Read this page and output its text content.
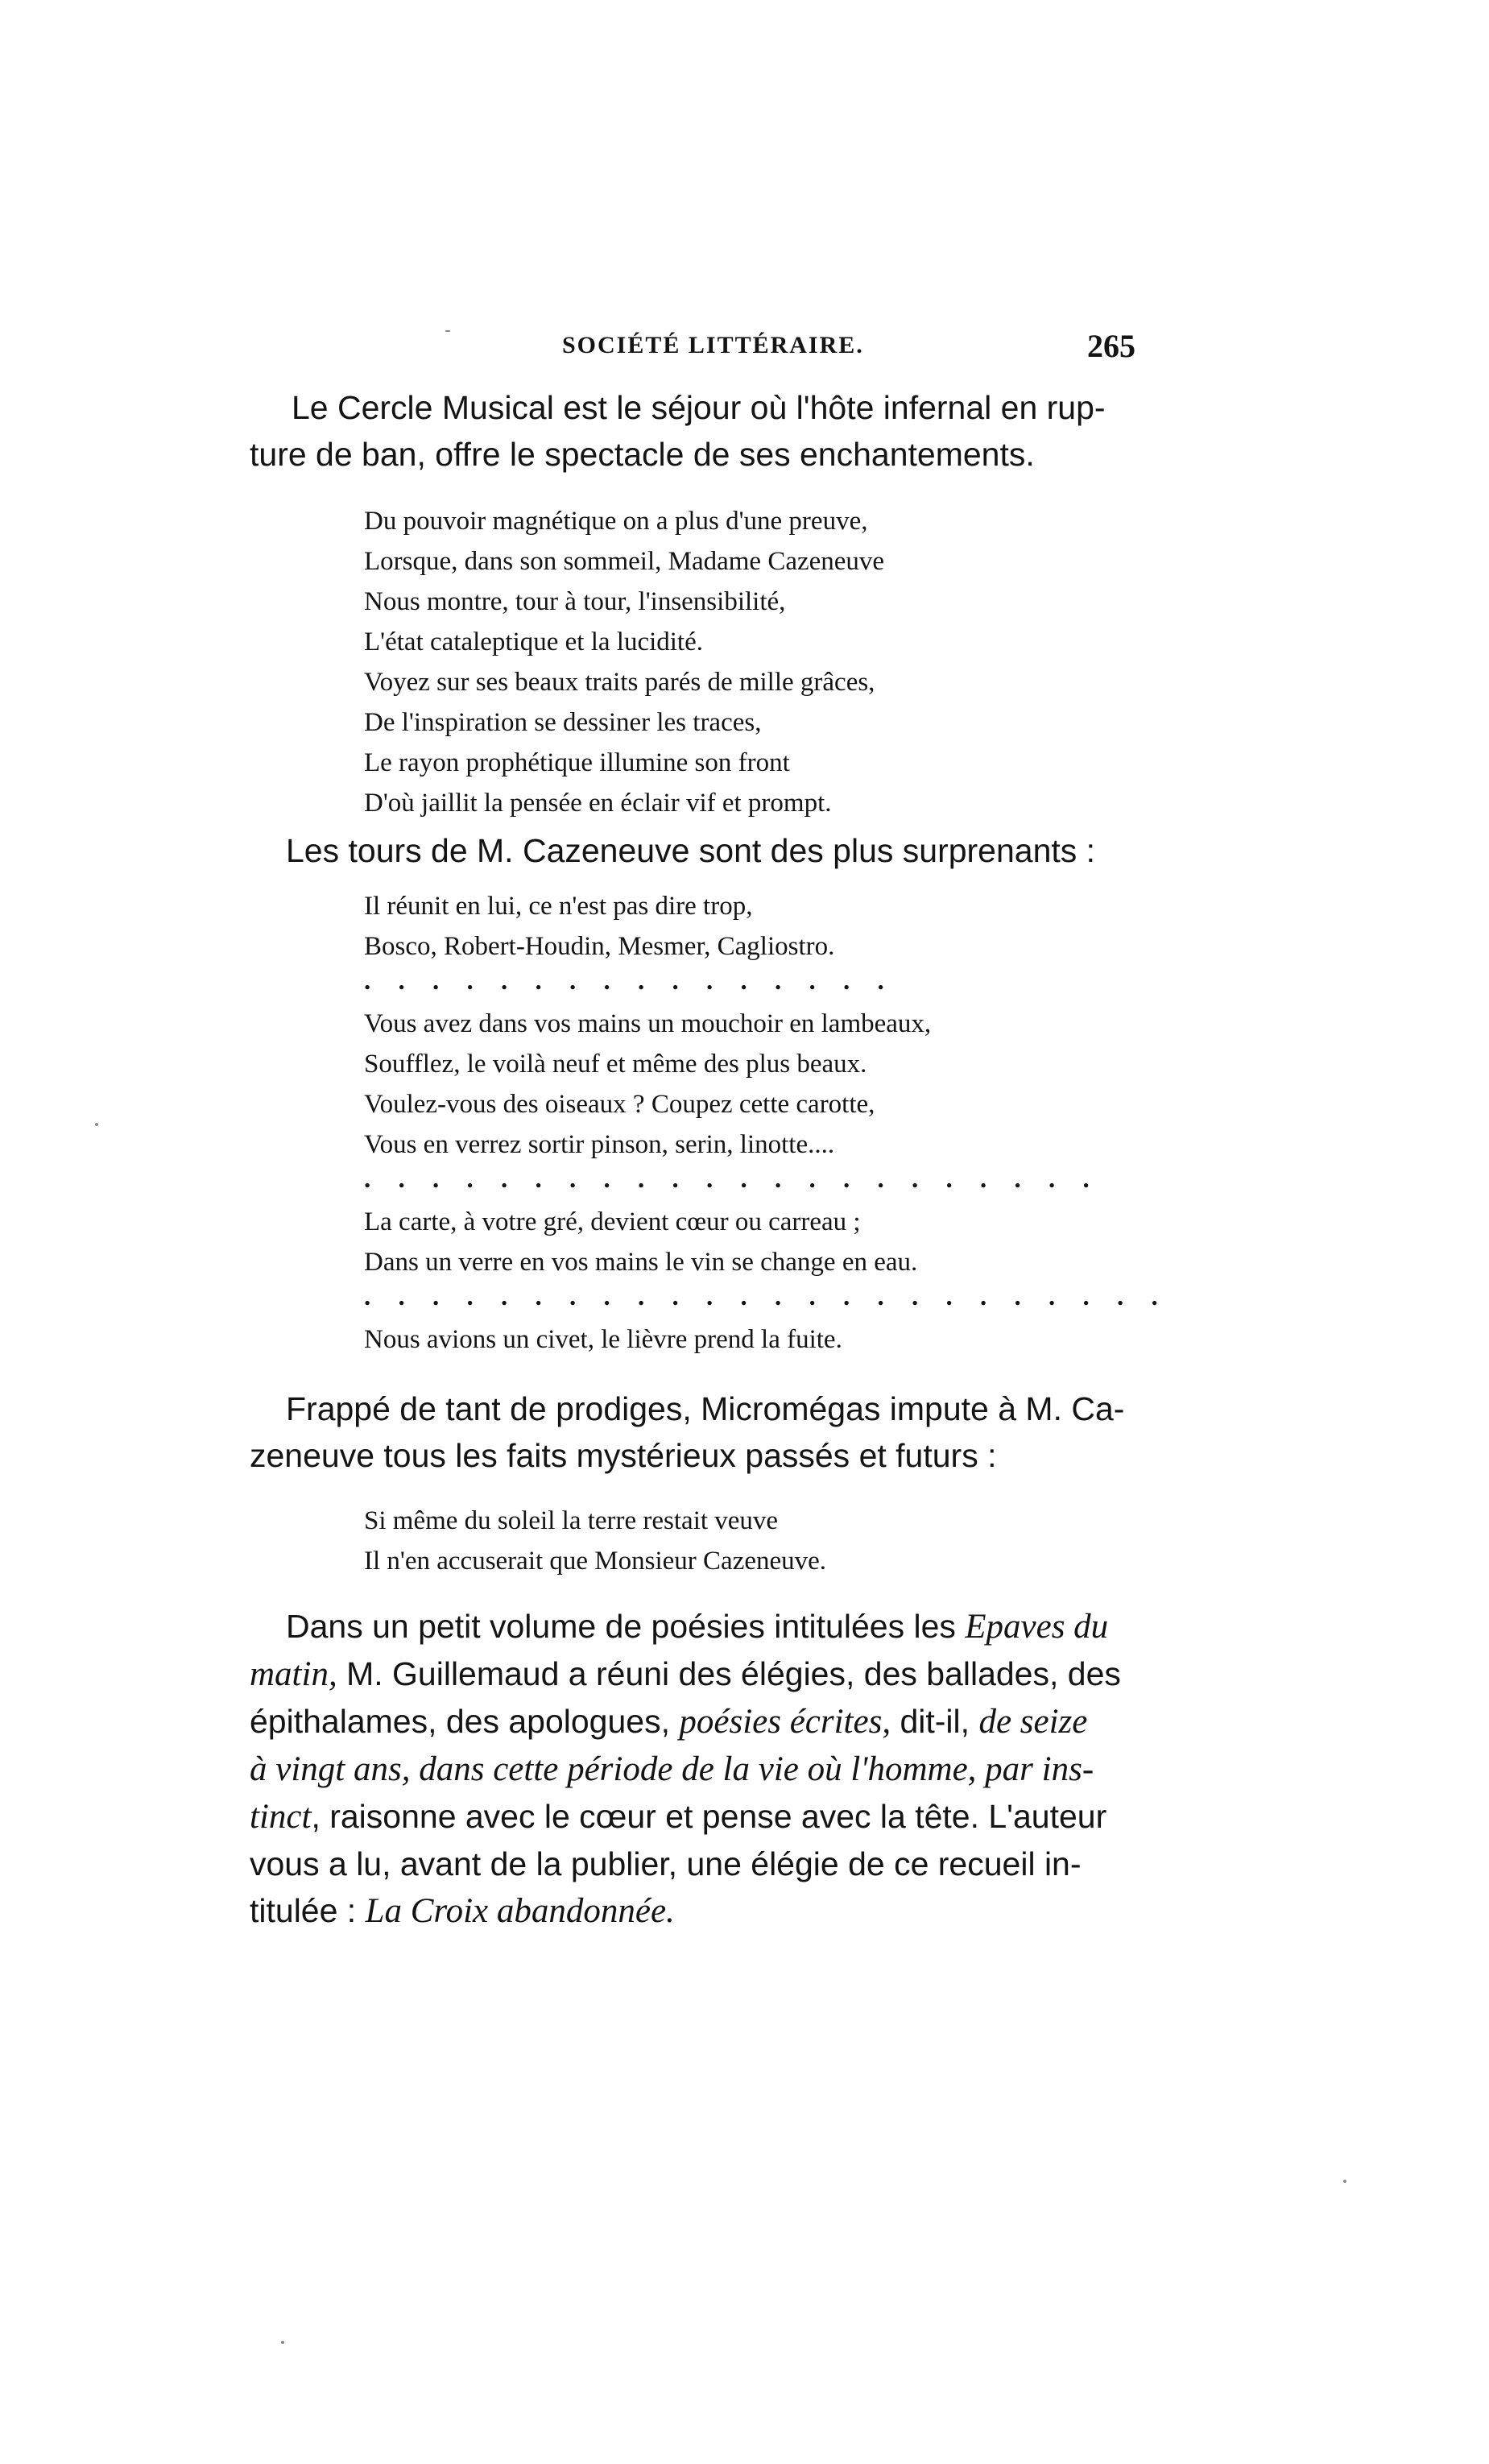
SOCIÉTÉ LITTÉRAIRE.	265
Le Cercle Musical est le séjour où l'hôte infernal en rup-
ture de ban, offre le spectacle de ses enchantements.
Du pouvoir magnétique on a plus d'une preuve,
Lorsque, dans son sommeil, Madame Cazeneuve
Nous montre, tour à tour, l'insensibilité,
L'état cataleptique et la lucidité.
Voyez sur ses beaux traits parés de mille grâces,
De l'inspiration se dessiner les traces,
Le rayon prophétique illumine son front
D'où jaillit la pensée en éclair vif et prompt.
Les tours de M. Cazeneuve sont des plus surprenants :
Il réunit en lui, ce n'est pas dire trop,
Bosco, Robert-Houdin, Mesmer, Cagliostro.
. . . . . . . . . . . . . . . .
Vous avez dans vos mains un mouchoir en lambeaux,
Soufflez, le voilà neuf et même des plus beaux.
Voulez-vous des oiseaux ? Coupez cette carotte,
Vous en verrez sortir pinson, serin, linotte....
. . . . . . . . . . . . . . . . . . . . . .
La carte, à votre gré, devient cœur ou carreau ;
Dans un verre en vos mains le vin se change en eau.
. . . . . . . . . . . . . . . . . . . . . . . .
Nous avions un civet, le lièvre prend la fuite.
Frappé de tant de prodiges, Micromégas impute à M. Ca-
zeneuve tous les faits mystérieux passés et futurs :
Si même du soleil la terre restait veuve
Il n'en accuserait que Monsieur Cazeneuve.
Dans un petit volume de poésies intitulées les Epaves du
matin, M. Guillemaud a réuni des élégies, des ballades, des
épithalames, des apologues, poésies écrites, dit-il, de seize
à vingt ans, dans cette période de la vie où l'homme, par ins-
tinct, raisonne avec le cœur et pense avec la tête. L'auteur
vous a lu, avant de la publier, une élégie de ce recueil in-
titulée : La Croix abandonnée.
